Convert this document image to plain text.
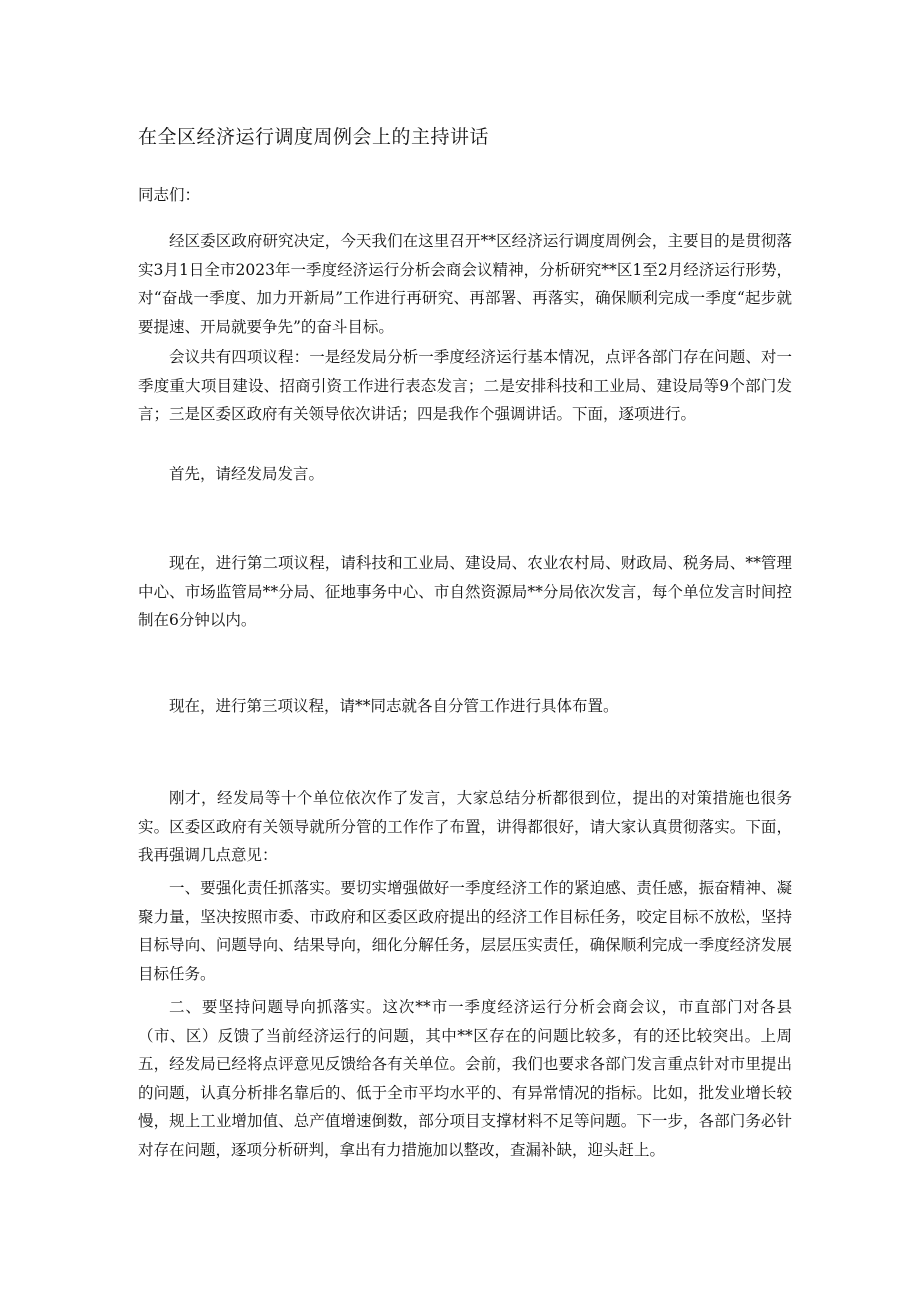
在全区经济运行调度周例会上的主持讲话

同志们：

经区委区政府研究决定，今天我们在这里召开**区经济运行调度周例会，主要目的是贯彻落实3月1日全市2023年一季度经济运行分析会商会议精神，分析研究**区1至2月经济运行形势，对“奋战一季度、加力开新局”工作进行再研究、再部署、再落实，确保顺利完成一季度“起步就要提速、开局就要争先”的奋斗目标。

会议共有四项议程：一是经发局分析一季度经济运行基本情况，点评各部门存在问题、对一季度重大项目建设、招商引资工作进行表态发言；二是安排科技和工业局、建设局等9个部门发言；三是区委区政府有关领导依次讲话；四是我作个强调讲话。下面，逐项进行。

首先，请经发局发言。

现在，进行第二项议程，请科技和工业局、建设局、农业农村局、财政局、税务局、**管理中心、市场监管局**分局、征地事务中心、市自然资源局**分局依次发言，每个单位发言时间控制在6分钟以内。

现在，进行第三项议程，请**同志就各自分管工作进行具体布置。

刚才，经发局等十个单位依次作了发言，大家总结分析都很到位，提出的对策措施也很务实。区委区政府有关领导就所分管的工作作了布置，讲得都很好，请大家认真贯彻落实。下面，我再强调几点意见：

一、要强化责任抓落实。要切实增强做好一季度经济工作的紧迫感、责任感，振奋精神、凝聚力量，坚决按照市委、市政府和区委区政府提出的经济工作目标任务，咬定目标不放松，坚持目标导向、问题导向、结果导向，细化分解任务，层层压实责任，确保顺利完成一季度经济发展目标任务。

二、要坚持问题导向抓落实。这次**市一季度经济运行分析会商会议，市直部门对各县（市、区）反馈了当前经济运行的问题，其中**区存在的问题比较多，有的还比较突出。上周五，经发局已经将点评意见反馈给各有关单位。会前，我们也要求各部门发言重点针对市里提出的问题，认真分析排名靠后的、低于全市平均水平的、有异常情况的指标。比如，批发业增长较慢，规上工业增加值、总产值增速倒数，部分项目支撑材料不足等问题。下一步，各部门务必针对存在问题，逐项分析研判，拿出有力措施加以整改，查漏补缺，迎头赶上。
